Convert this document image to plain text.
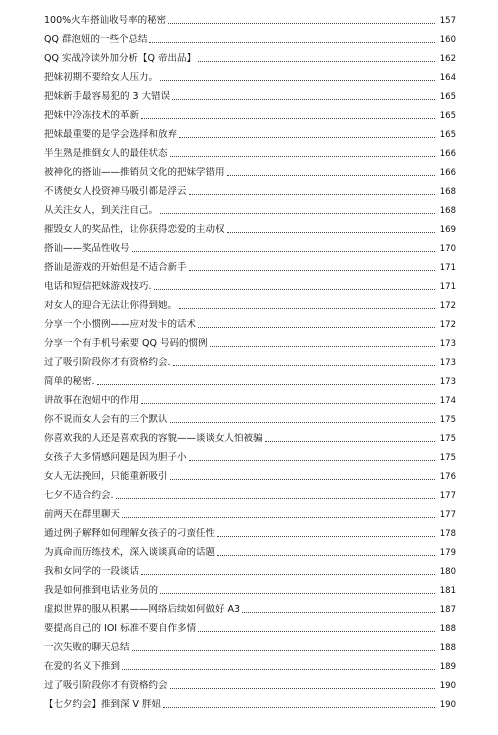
100%火车搭讪收号率的秘密	157
QQ 群泡妞的一些个总结	160
QQ 实战冷读外加分析【Q 帝出品】	162
把妹初期不要给女人压力。	164
把妹新手最容易犯的 3 大错误	165
把妹中冷冻技术的革新	165
把妹最重要的是学会选择和放弃	165
半生熟是推倒女人的最佳状态	166
被神化的搭讪——推销员文化的把妹学错用	166
不诱使女人投资神马吸引都是浮云	168
从关注女人，到关注自己。	168
摧毁女人的奖品性，让你获得恋爱的主动权	169
搭讪——奖品性收号	170
搭讪是游戏的开始但是不适合新手	171
电话和短信把妹游戏技巧.	171
对女人的迎合无法让你得到她。	172
分享一个小惯例——应对发卡的话术	172
分享一个有手机号索要 QQ 号码的惯例	173
过了吸引阶段你才有资格约会.	173
简单的秘密.	173
讲故事在泡妞中的作用	174
你不说而女人会有的三个默认	175
你喜欢我的人还是喜欢我的容貌——谈谈女人怕被骗	175
女孩子大多情感问题是因为胆子小	175
女人无法挽回，只能重新吸引	176
七夕不适合约会.	177
前两天在群里聊天	177
通过例子解释如何理解女孩子的刁蛮任性	178
为真命而历练技术，深入谈谈真命的话题	179
我和女同学的一段谈话	180
我是如何推到电话业务员的	181
虚拟世界的服从积累——网络后续如何做好 A3	187
要提高自己的 IOI 标准不要自作多情	188
一次失败的聊天总结	188
在爱的名义下推到	189
过了吸引阶段你才有资格约会	190
【七夕约会】推到深 V 胖妞	190
